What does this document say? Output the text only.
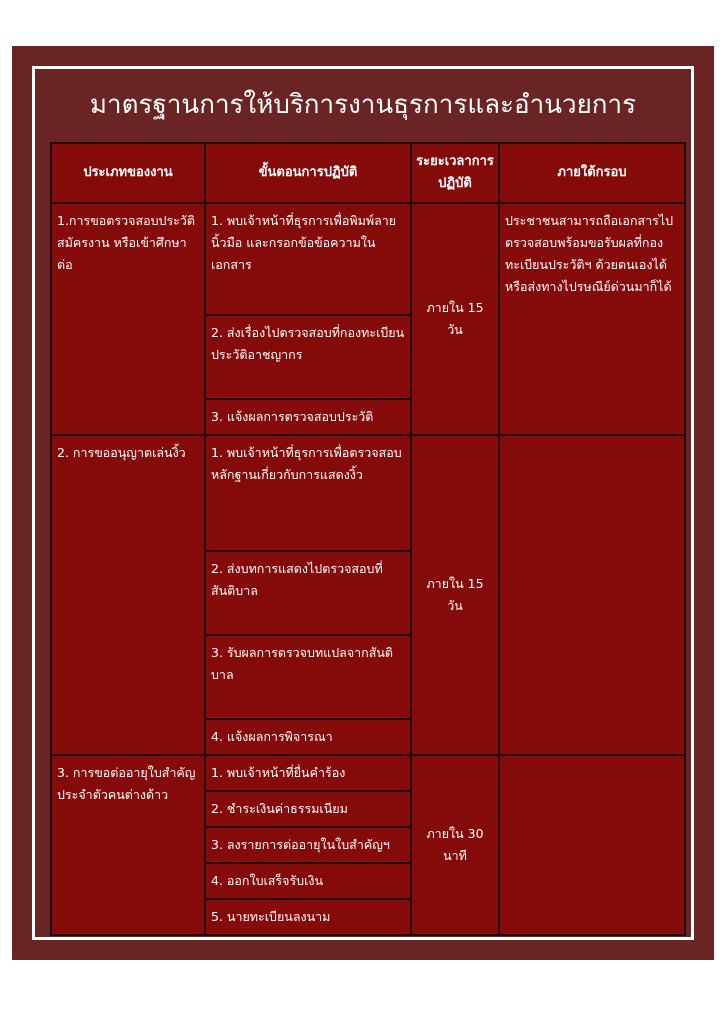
มาตรฐานการให้บริการงานธุรการและอำนวยการ
ประเภทของงาน	ขั้นตอนการปฏิบัติ	ระยะเวลาการปฏิบัติ	ภายใต้กรอบ
1.การขอตรวจสอบประวัติสมัครงาน หรือเข้าศึกษาต่อ	1. พบเจ้าหน้าที่ธุรการเพื่อพิมพ์ลายนิ้วมือ และกรอกข้อข้อความในเอกสาร	ภายใน 15 วัน	ประชาชนสามารถถือเอกสารไปตรวจสอบพร้อมขอรับผลที่กองทะเบียนประวัติฯ ด้วยตนเองได้หรือส่งทางไปรษณีย์ด่วนมาก็ได้
	2. ส่งเรื่องไปตรวจสอบที่กองทะเบียน ประวัติอาชญากร		
	3. แจ้งผลการตรวจสอบประวัติ		
2. การขออนุญาตเล่นงิ้ว	1. พบเจ้าหน้าที่ธุรการเพื่อตรวจสอบ หลักฐานเกี่ยวกับการแสดงงิ้ว	ภายใน 15 วัน	
	2. ส่งบทการแสดงไปตรวจสอบที่สันติบาล		
	3. รับผลการตรวจบทแปลจากสันติบาล		
	4. แจ้งผลการพิจารณา		
3. การขอต่ออายุใบสำคัญประจำตัวคนต่างด้าว	1. พบเจ้าหน้าที่ยื่นคำร้อง	ภายใน 30 นาที	
	2. ชำระเงินค่าธรรมเนียม		
	3. ลงรายการต่ออายุในใบสำคัญฯ		
	4. ออกใบเสร็จรับเงิน		
	5. นายทะเบียนลงนาม		
